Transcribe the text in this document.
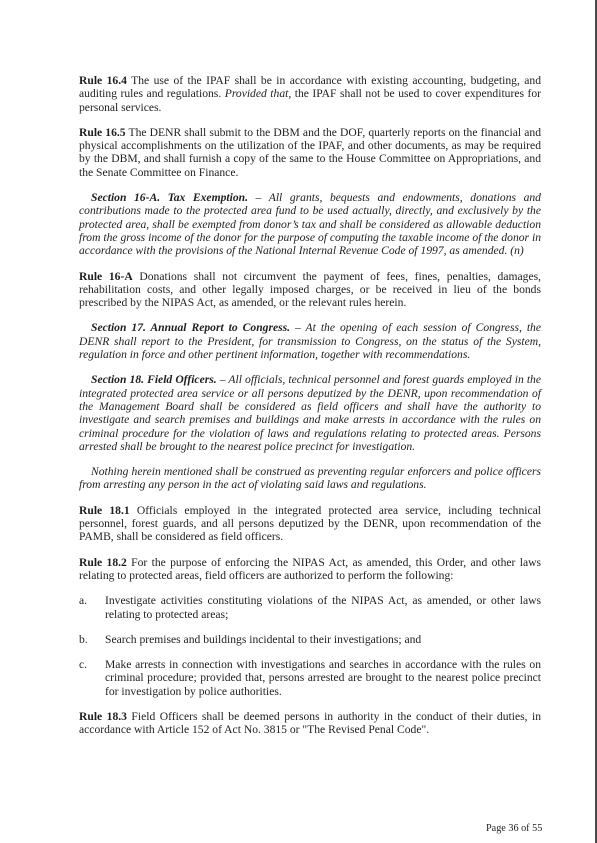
Rule 16.4 The use of the IPAF shall be in accordance with existing accounting, budgeting, and auditing rules and regulations. Provided that, the IPAF shall not be used to cover expenditures for personal services.

Rule 16.5 The DENR shall submit to the DBM and the DOF, quarterly reports on the financial and physical accomplishments on the utilization of the IPAF, and other documents, as may be required by the DBM, and shall furnish a copy of the same to the House Committee on Appropriations, and the Senate Committee on Finance.

Section 16-A. Tax Exemption. – All grants, bequests and endowments, donations and contributions made to the protected area fund to be used actually, directly, and exclusively by the protected area, shall be exempted from donor’s tax and shall be considered as allowable deduction from the gross income of the donor for the purpose of computing the taxable income of the donor in accordance with the provisions of the National Internal Revenue Code of 1997, as amended. (n)

Rule 16-A Donations shall not circumvent the payment of fees, fines, penalties, damages, rehabilitation costs, and other legally imposed charges, or be received in lieu of the bonds prescribed by the NIPAS Act, as amended, or the relevant rules herein.

Section 17. Annual Report to Congress. – At the opening of each session of Congress, the DENR shall report to the President, for transmission to Congress, on the status of the System, regulation in force and other pertinent information, together with recommendations.

Section 18. Field Officers. – All officials, technical personnel and forest guards employed in the integrated protected area service or all persons deputized by the DENR, upon recommendation of the Management Board shall be considered as field officers and shall have the authority to investigate and search premises and buildings and make arrests in accordance with the rules on criminal procedure for the violation of laws and regulations relating to protected areas. Persons arrested shall be brought to the nearest police precinct for investigation.

Nothing herein mentioned shall be construed as preventing regular enforcers and police officers from arresting any person in the act of violating said laws and regulations.

Rule 18.1 Officials employed in the integrated protected area service, including technical personnel, forest guards, and all persons deputized by the DENR, upon recommendation of the PAMB, shall be considered as field officers.

Rule 18.2 For the purpose of enforcing the NIPAS Act, as amended, this Order, and other laws relating to protected areas, field officers are authorized to perform the following:

a.	Investigate activities constituting violations of the NIPAS Act, as amended, or other laws relating to protected areas;
b.	Search premises and buildings incidental to their investigations; and
c.	Make arrests in connection with investigations and searches in accordance with the rules on criminal procedure; provided that, persons arrested are brought to the nearest police precinct for investigation by police authorities.

Rule 18.3 Field Officers shall be deemed persons in authority in the conduct of their duties, in accordance with Article 152 of Act No. 3815 or "The Revised Penal Code".

Page 36 of 55
